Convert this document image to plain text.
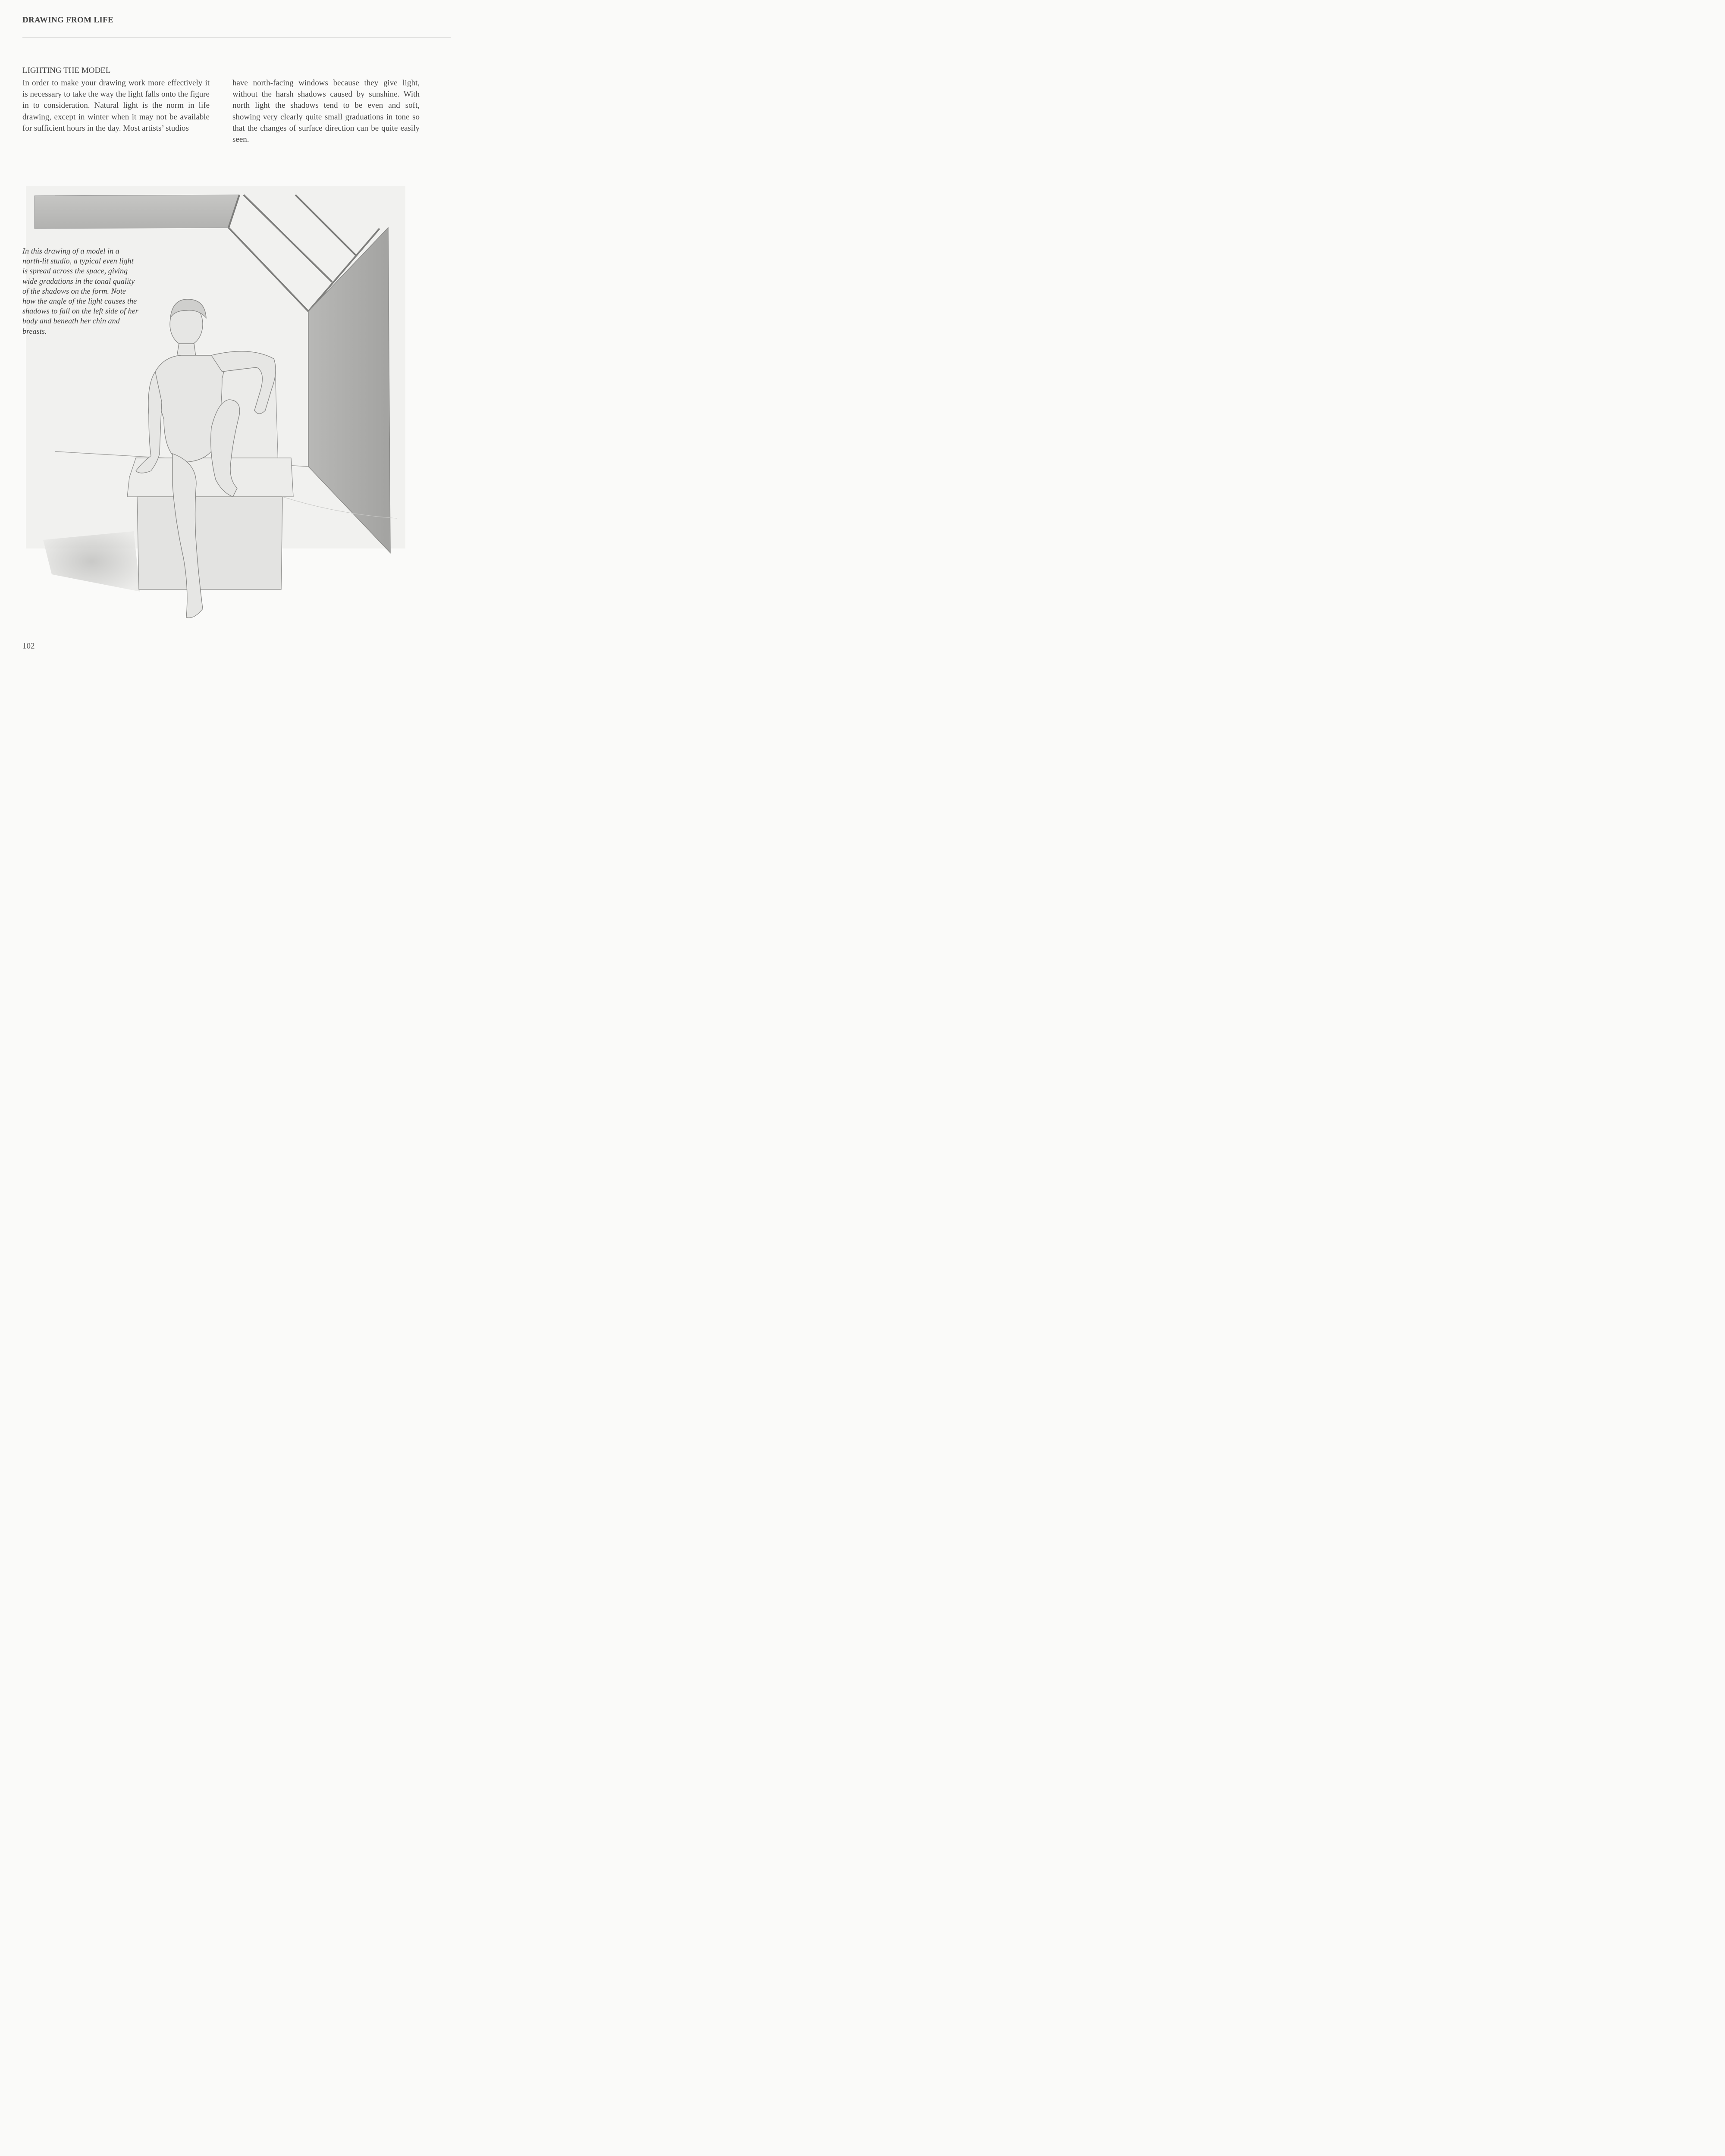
DRAWING FROM LIFE
LIGHTING THE MODEL
In order to make your drawing work more effectively it is necessary to take the way the light falls onto the figure in to consideration. Natural light is the norm in life drawing, except in winter when it may not be available for sufficient hours in the day. Most artists’ studios
have north-facing windows because they give light, without the harsh shadows caused by sunshine. With north light the shadows tend to be even and soft, showing very clearly quite small graduations in tone so that the changes of surface direction can be quite easily seen.

In this drawing of a model in a north-lit studio, a typical even light is spread across the space, giving wide gradations in the tonal quality of the shadows on the form. Note how the angle of the light causes the shadows to fall on the left side of her body and beneath her chin and breasts.
102
